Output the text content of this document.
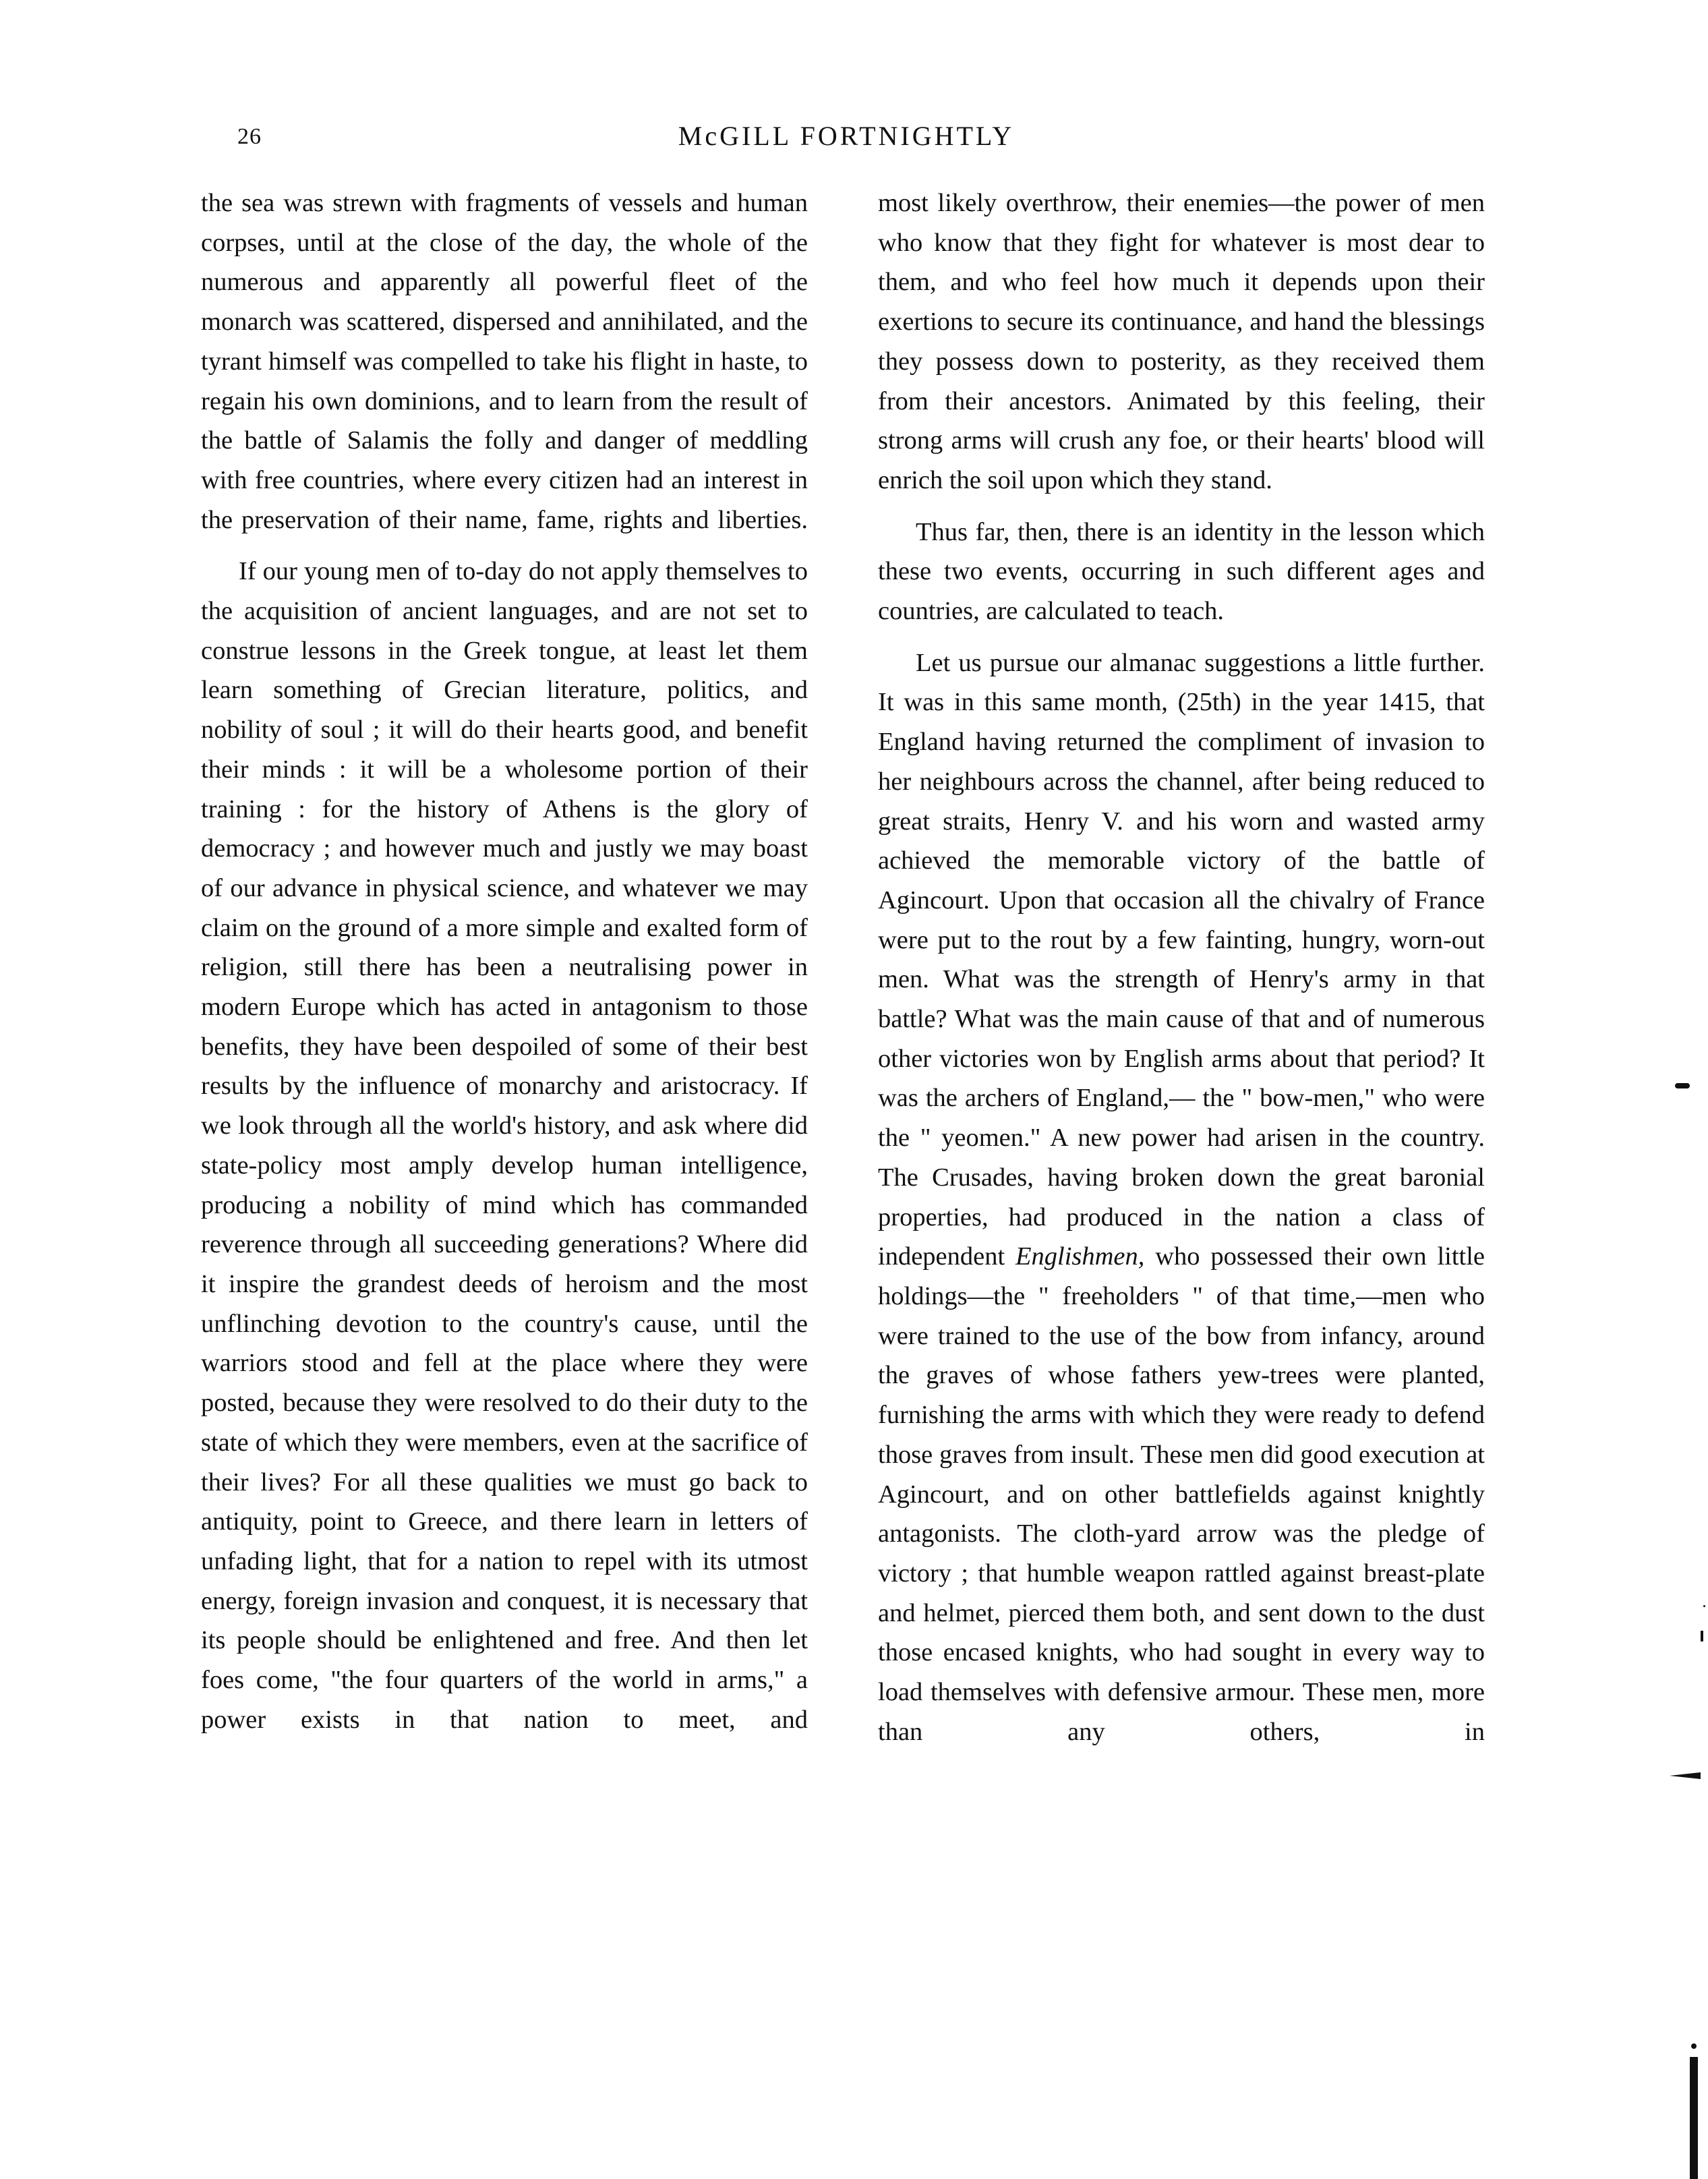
26	McGILL FORTNIGHTLY

the sea was strewn with fragments of vessels and human corpses, until at the close of the day, the whole of the numerous and apparently all powerful fleet of the monarch was scattered, dispersed and annihilated, and the tyrant himself was compelled to take his flight in haste, to regain his own dominions, and to learn from the result of the battle of Salamis the folly and danger of meddling with free countries, where every citizen had an interest in the preservation of their name, fame, rights and liberties.

If our young men of to-day do not apply themselves to the acquisition of ancient languages, and are not set to construe lessons in the Greek tongue, at least let them learn something of Grecian literature, politics, and nobility of soul ; it will do their hearts good, and benefit their minds : it will be a wholesome portion of their training : for the history of Athens is the glory of democracy ; and however much and justly we may boast of our advance in physical science, and whatever we may claim on the ground of a more simple and exalted form of religion, still there has been a neutralising power in modern Europe which has acted in antagonism to those benefits, they have been despoiled of some of their best results by the influence of monarchy and aristocracy. If we look through all the world's history, and ask where did state-policy most amply develop human intelligence, producing a nobility of mind which has commanded reverence through all succeeding generations? Where did it inspire the grandest deeds of heroism and the most unflinching devotion to the country's cause, until the warriors stood and fell at the place where they were posted, because they were resolved to do their duty to the state of which they were members, even at the sacrifice of their lives? For all these qualities we must go back to antiquity, point to Greece, and there learn in letters of unfading light, that for a nation to repel with its utmost energy, foreign invasion and conquest, it is necessary that its people should be enlightened and free. And then let foes come, "the four quarters of the world in arms," a power exists in that nation to meet, and

most likely overthrow, their enemies—the power of men who know that they fight for whatever is most dear to them, and who feel how much it depends upon their exertions to secure its continuance, and hand the blessings they possess down to posterity, as they received them from their ancestors. Animated by this feeling, their strong arms will crush any foe, or their hearts' blood will enrich the soil upon which they stand.

Thus far, then, there is an identity in the lesson which these two events, occurring in such different ages and countries, are calculated to teach.

Let us pursue our almanac suggestions a little further. It was in this same month, (25th) in the year 1415, that England having returned the compliment of invasion to her neighbours across the channel, after being reduced to great straits, Henry V. and his worn and wasted army achieved the memorable victory of the battle of Agincourt. Upon that occasion all the chivalry of France were put to the rout by a few fainting, hungry, worn-out men. What was the strength of Henry's army in that battle? What was the main cause of that and of numerous other victories won by English arms about that period? It was the archers of England,— the " bow-men," who were the " yeomen." A new power had arisen in the country. The Crusades, having broken down the great baronial properties, had produced in the nation a class of independent Englishmen, who possessed their own little holdings—the " freeholders " of that time,—men who were trained to the use of the bow from infancy, around the graves of whose fathers yew-trees were planted, furnishing the arms with which they were ready to defend those graves from insult. These men did good execution at Agincourt, and on other battlefields against knightly antagonists. The cloth-yard arrow was the pledge of victory ; that humble weapon rattled against breast-plate and helmet, pierced them both, and sent down to the dust those encased knights, who had sought in every way to load themselves with defensive armour. These men, more than any others, in
